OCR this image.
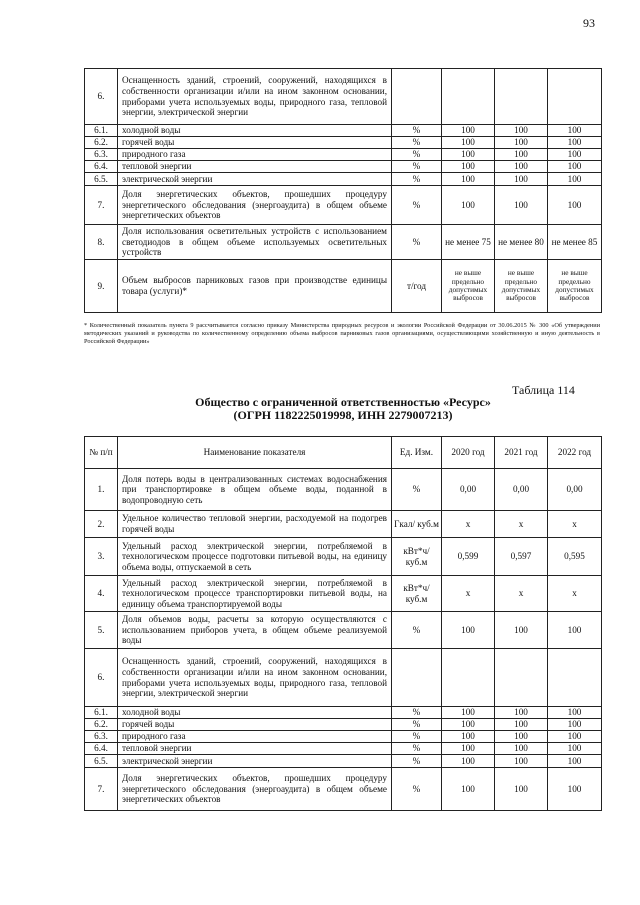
93
6.	Оснащенность зданий, строений, сооружений, находящихся в собственности организации и/или на ином законном основании, приборами учета используемых воды, природного газа, тепловой энергии, электрической энергии				
6.1.	холодной воды	%	100	100	100
6.2.	горячей воды	%	100	100	100
6.3.	природного газа	%	100	100	100
6.4.	тепловой энергии	%	100	100	100
6.5.	электрической энергии	%	100	100	100
7.	Доля энергетических объектов, прошедших процедуру энергетического обследования (энергоаудита) в общем объеме энергетических объектов	%	100	100	100
8.	Доля использования осветительных устройств с использованием светодиодов в общем объеме используемых осветительных устройств	%	не менее 75	не менее 80	не менее 85
9.	Объем выбросов парниковых газов при производстве единицы товара (услуги)*	т/год	не выше предельно допустимых выбросов	не выше предельно допустимых выбросов	не выше предельно допустимых выбросов
* Количественный показатель пункта 9 рассчитывается согласно приказу Министерства природных ресурсов и экологии Российской Федерации от 30.06.2015 № 300 «Об утверждении методических указаний и руководства по количественному определению объема выбросов парниковых газов организациями, осуществляющими хозяйственную и иную деятельность в Российской Федерации»
Таблица 114
Общество с ограниченной ответственностью «Ресурс»
(ОГРН 1182225019998, ИНН 2279007213)
№ п/п	Наименование показателя	Ед. Изм.	2020 год	2021 год	2022 год
1.	Доля потерь воды в централизованных системах водоснабжения при транспортировке в общем объеме воды, поданной в водопроводную сеть	%	0,00	0,00	0,00
2.	Удельное количество тепловой энергии, расходуемой на подогрев горячей воды	Гкал/ куб.м	х	х	х
3.	Удельный расход электрической энергии, потребляемой в технологическом процессе подготовки питьевой воды, на единицу объема воды, отпускаемой в сеть	кВт*ч/ куб.м	0,599	0,597	0,595
4.	Удельный расход электрической энергии, потребляемой в технологическом процессе транспортировки питьевой воды, на единицу объема транспортируемой воды	кВт*ч/ куб.м	х	х	х
5.	Доля объемов воды, расчеты за которую осуществляются с использованием приборов учета, в общем объеме реализуемой воды	%	100	100	100
6.	Оснащенность зданий, строений, сооружений, находящихся в собственности организации и/или на ином законном основании, приборами учета используемых воды, природного газа, тепловой энергии, электрической энергии				
6.1.	холодной воды	%	100	100	100
6.2.	горячей воды	%	100	100	100
6.3.	природного газа	%	100	100	100
6.4.	тепловой энергии	%	100	100	100
6.5.	электрической энергии	%	100	100	100
7.	Доля энергетических объектов, прошедших процедуру энергетического обследования (энергоаудита) в общем объеме энергетических объектов	%	100	100	100
